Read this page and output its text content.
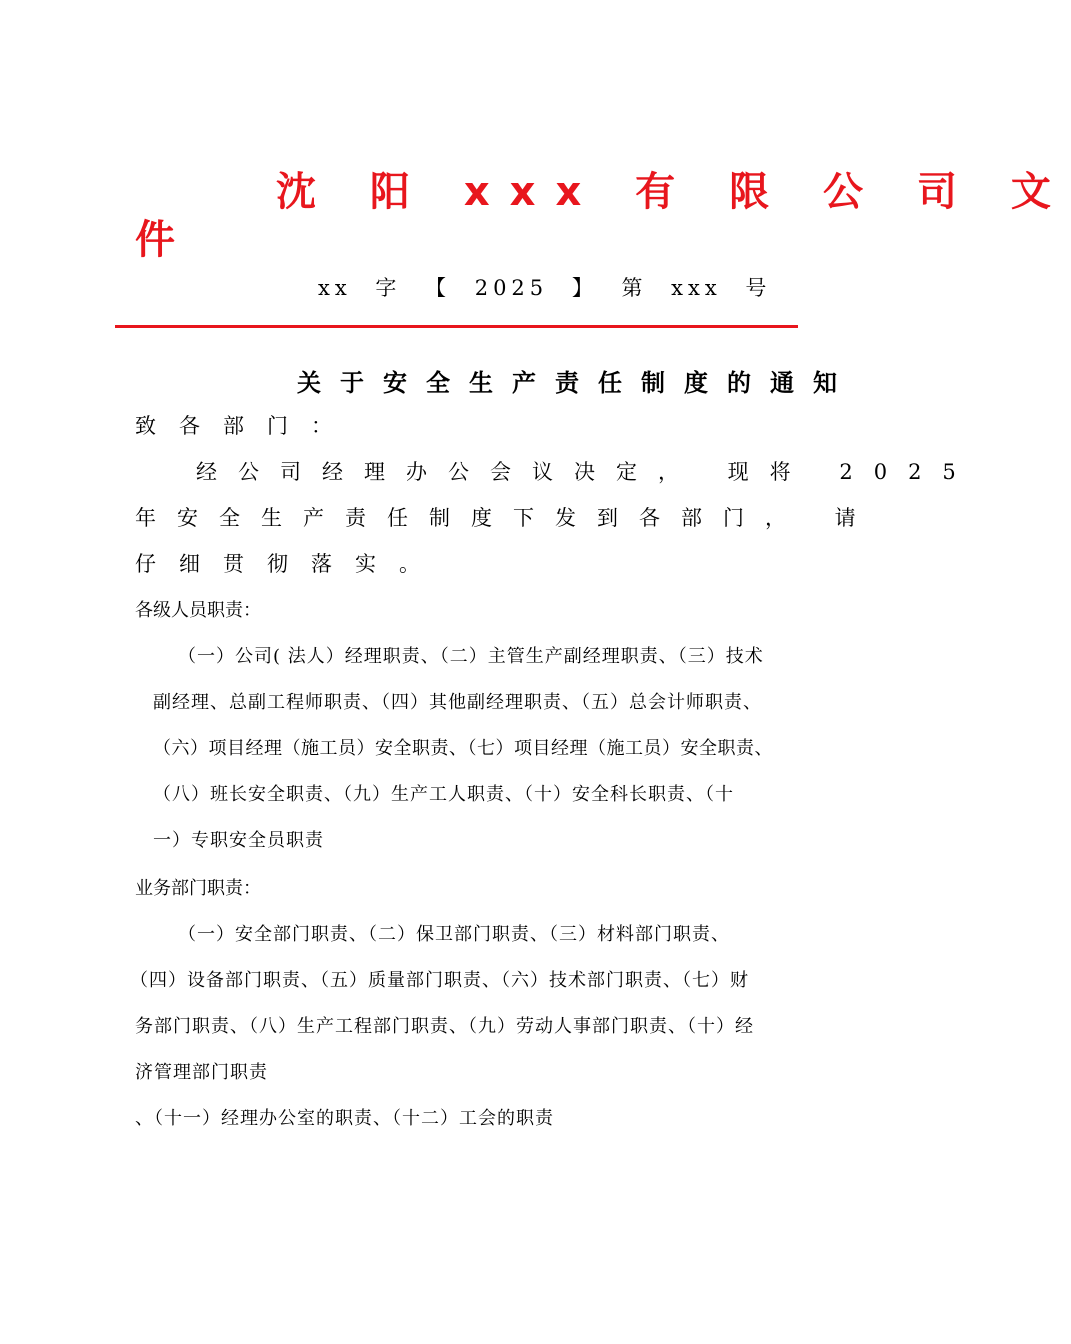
沈 阳 xxx 有 限 公 司 文
件
xx 字 【 2025 】 第 xxx 号
关于安全生产责任制度的通知
致各部门：
经公司经理办公会议决定， 现将 2025
年安全生产责任制度下发到各部门， 请
仔细贯彻落实。
各级人员职责：
（一）公司( 法人）经理职责、（二）主管生产副经理职责、（三）技术
副经理、总副工程师职责、（四）其他副经理职责、（五）总会计师职责、
（六）项目经理（施工员）安全职责、（七）项目经理（施工员）安全职责、
（八）班长安全职责、（九）生产工人职责、（十）安全科长职责、（十
一）专职安全员职责
业务部门职责：
（一）安全部门职责、（二）保卫部门职责、（三）材料部门职责、
（四）设备部门职责、（五）质量部门职责、（六）技术部门职责、（七）财
务部门职责、（八）生产工程部门职责、（九）劳动人事部门职责、（十）经
济管理部门职责
、（十一）经理办公室的职责、（十二）工会的职责
